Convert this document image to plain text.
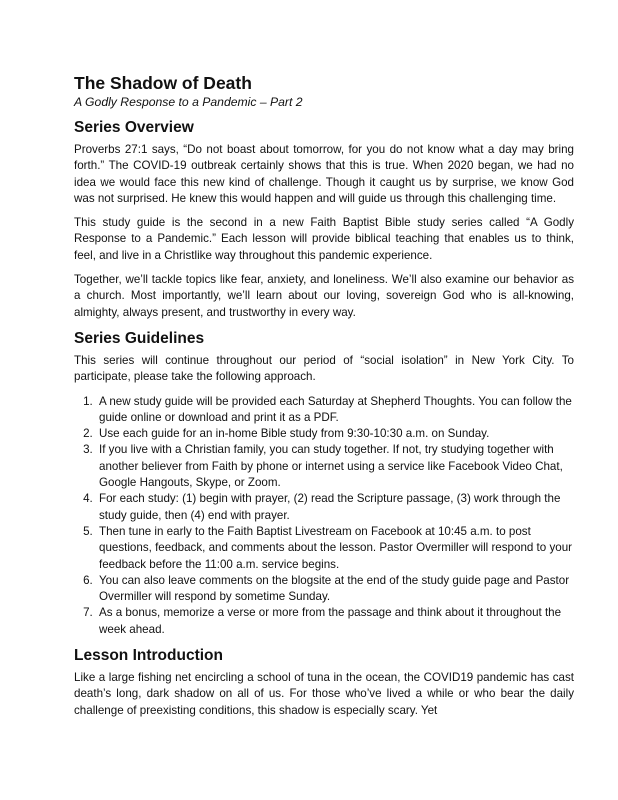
The Shadow of Death
A Godly Response to a Pandemic – Part 2
Series Overview

Proverbs 27:1 says, “Do not boast about tomorrow, for you do not know what a day may bring forth.” The COVID-19 outbreak certainly shows that this is true. When 2020 began, we had no idea we would face this new kind of challenge. Though it caught us by surprise, we know God was not surprised. He knew this would happen and will guide us through this challenging time.

This study guide is the second in a new Faith Baptist Bible study series called “A Godly Response to a Pandemic.” Each lesson will provide biblical teaching that enables us to think, feel, and live in a Christlike way throughout this pandemic experience.

Together, we’ll tackle topics like fear, anxiety, and loneliness. We’ll also examine our behavior as a church. Most importantly, we’ll learn about our loving, sovereign God who is all-knowing, almighty, always present, and trustworthy in every way.

Series Guidelines

This series will continue throughout our period of “social isolation” in New York City. To participate, please take the following approach.

1. A new study guide will be provided each Saturday at Shepherd Thoughts. You can follow the guide online or download and print it as a PDF.
2. Use each guide for an in-home Bible study from 9:30-10:30 a.m. on Sunday.
3. If you live with a Christian family, you can study together. If not, try studying together with another believer from Faith by phone or internet using a service like Facebook Video Chat, Google Hangouts, Skype, or Zoom.
4. For each study: (1) begin with prayer, (2) read the Scripture passage, (3) work through the study guide, then (4) end with prayer.
5. Then tune in early to the Faith Baptist Livestream on Facebook at 10:45 a.m. to post questions, feedback, and comments about the lesson. Pastor Overmiller will respond to your feedback before the 11:00 a.m. service begins.
6. You can also leave comments on the blogsite at the end of the study guide page and Pastor Overmiller will respond by sometime Sunday.
7. As a bonus, memorize a verse or more from the passage and think about it throughout the week ahead.
Lesson Introduction

Like a large fishing net encircling a school of tuna in the ocean, the COVID19 pandemic has cast death’s long, dark shadow on all of us. For those who’ve lived a while or who bear the daily challenge of preexisting conditions, this shadow is especially scary. Yet
